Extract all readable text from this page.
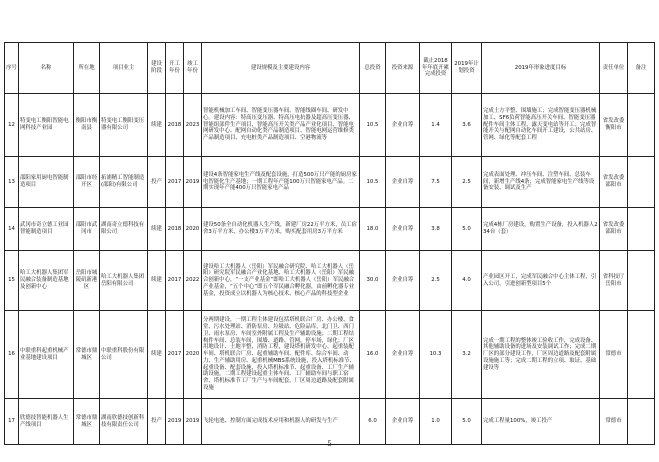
序号	名称	所在地	项目业主	建设阶段	开工年份	竣工年份	建设规模及主要建设内容	总投资	投资来源	截止2018年年底开累完成投资	2019年计划投资	2019年形象进度目标	责任单位	备注
12	特变电工衡阳智能电网科技产业园	衡阳市衡南县	特变电工衡阳变压器有限公司	续建	2018	2023	智能机械加工车间、智能变压器车间、智能线圈车间、研发中心。建设内容：特高压变压器、特高压电抗器及超高压变压器、智能组部件生产项目、智能高压开关类产品产业化项目、智能电网研发中心、配网自动化类产品制造项目、智能电网运营维修类产品制造项目、充电桩类产品制造项目、空港物流等	10.5	企业自筹	1.4	3.6	完成土方平整、围墙施工；完成智能变压器机械加工、SF6负荷智能高压开关车间、智能变压器配件车间主体工程，露天变电站等开工；完成智能开关与配网自动化车间开工建设，公共站房、管网、绿化等配套工程	省发改委衡阳市	
13	邵阳家用厨电智能制造项目	邵阳市经开区	拓浦精工智能制造(邵阳)有限公司	投产	2017	2019	建设4条智能家电生产线及配套设施，打造500万只产能的厨房家电智能化生产基地；一期工程年产能100万只智能家电产品。二期实现年产能400万只智能家电产品	10.5	企业自筹	7.5	2.5	完成表面处理、冲压车间、注塑车间、总装车间，新增生产线4条；完成智能家电生产线等设备安装、调试及生产	省发改委邵阳市	
14	武冈市奇立德工业园智能制造项目	邵阳市武冈市	湖南奇立德科技有限公司	续建	2018	2020	建设50条全自动化机器人生产线，新建厂房22万平方米，员工宿舍3万平方米，办公楼3万平方米，购买配套用房3万平方米	18.0	企业自筹	3.8	5.0	完成4栋厂房建设，购置生产设备，投入机器人234台（套）	省发改委邵阳市	
15	哈工大机器人集团军民融合装备制造基地及创新中心	岳阳市城陵矶新港区	哈工大机器人集团岳阳有限公司	续建	2017	2022	建设哈工大机器人（岳阳）军民融合研究院、哈工大机器人（岳阳）研究院军民融合产业化基地、哈工大机器人（岳阳）军民融合创新中心，“一支产业基金”即哈工大机器人（岳阳）军民融合产业基金，“五个中心”即五个军民融合孵化器，由前孵化器专业基金，投资成立以机器人为核心技术、核心产品的科技型企业	30.0	企业自筹	2.5	4.0	产业园区开工，完成军民融合中心主体工程，引入公司，引进创新型项目5个	省科技厅岳阳市	
16	中联重科起重机械产业基地建设项目	常德市鼎城区	中联重科股份有限公司	续建	2017	2020	分两期建设，一期工程主体建设包括塔机联合厂房、办公楼、食堂、污水处理站、消防泵房、垃圾站、危险品库，北门卫、西门卫、雨水泵房、车间室外附属工程及生产辅助设施；二期工程结构件车间、总装车间，围墙、道路、管网，停车场，绿化；厂区用地设计、土地平整、消防工程，建设塔机研发中心、起重装配车间、塔机联合厂房、起重辅助车间、配件库、综合车间、动力、生产辅助用房、起重机械MBS系统设施，投入塔机标准节、起重设备、配套设施，投入塔机标准节、起重设备、工厂生产辅助设施，二期工程建设起重主体车间、工厂辅助车间与职工宿舍、塔机标准节工厂生产与车间配套，厂区周边道路及配套附属设施	16.0	企业自筹	10.3	3.2	完成一期工程的整体竣工验收工作，完成设备、其他辅助设备的进场及安装调试工作；完成二期厂区的部分建设工作，厂区周边道路及配套附属设施施工等；完成二期工程的立项、取证、基础建设等	常德市	
17	欣德技智能机器人生产线项目	常德市鼎城区	湖南欣德技创新科技有限责任公司	投产	2019	2019	飞轮电池、控制方面完成技术应用和机器人的研发与生产	6.0	企业自筹	1.0	5.0	完成工程量100%，竣工投产	常德市	
—5—
